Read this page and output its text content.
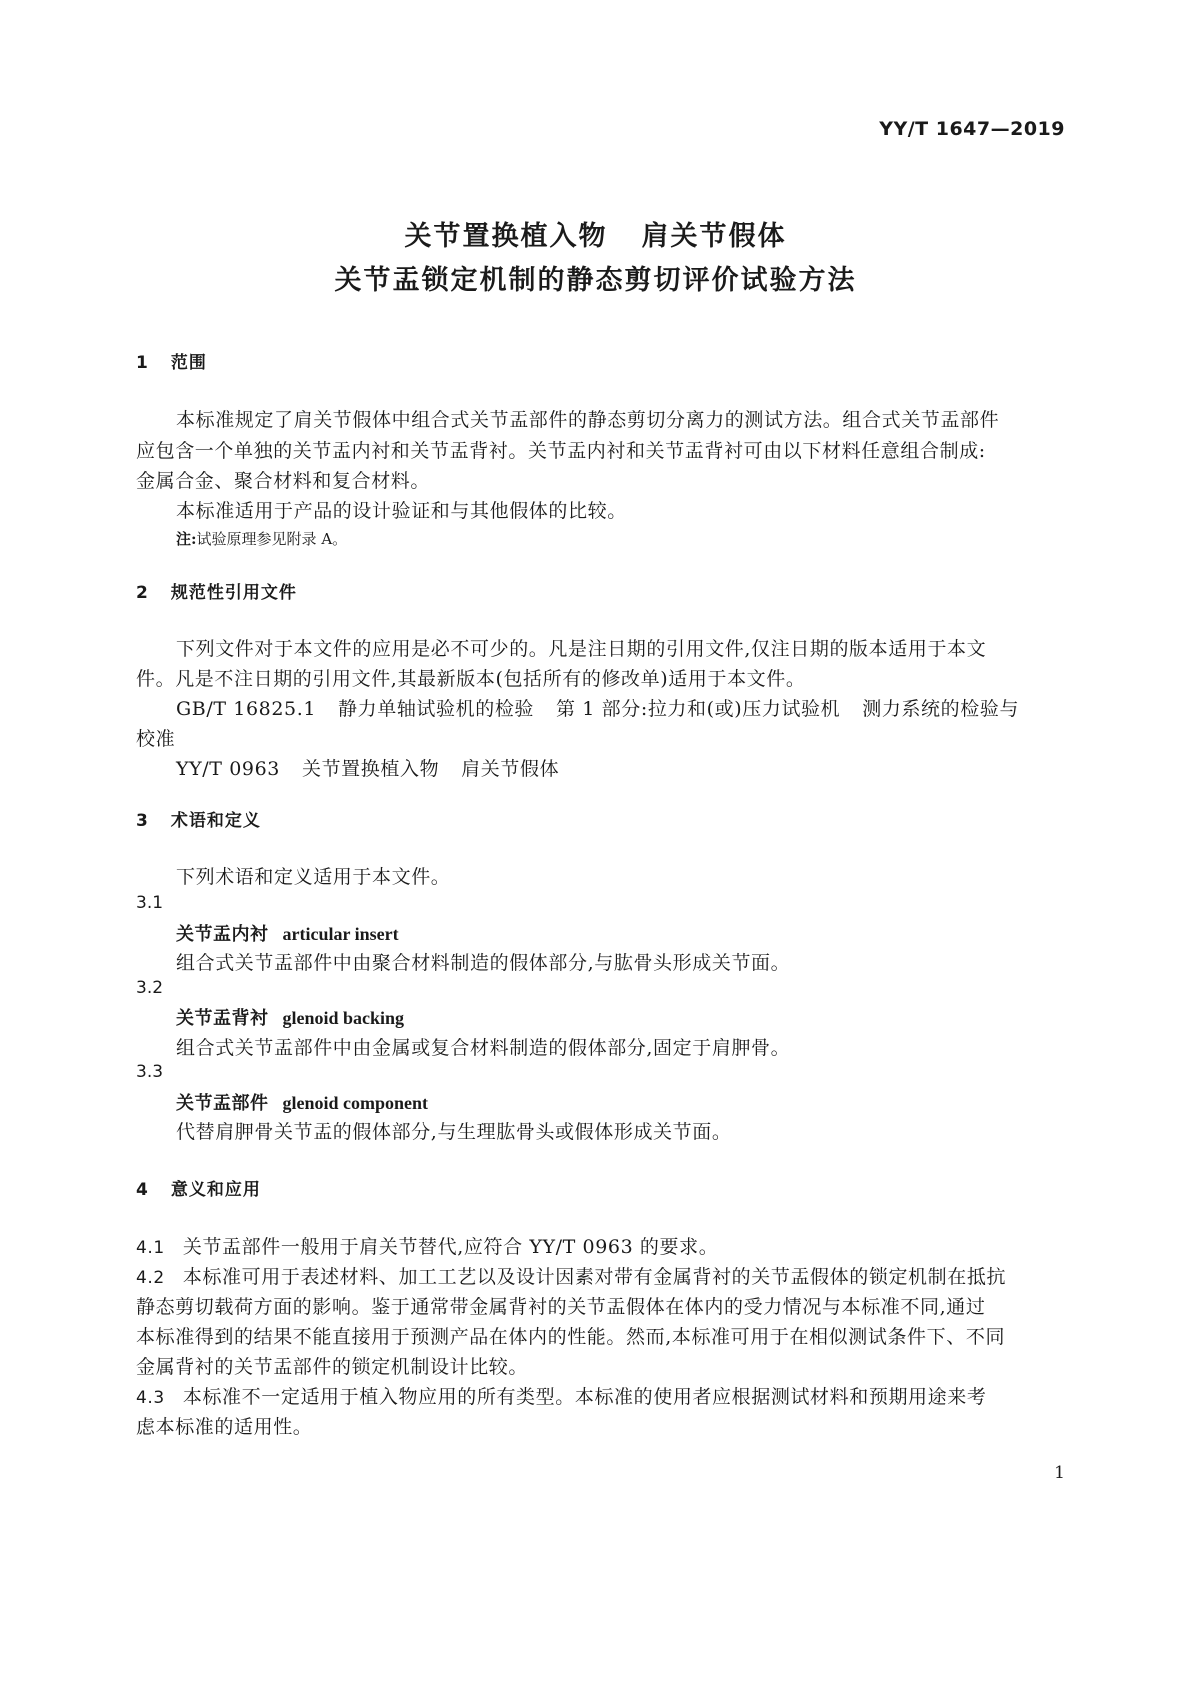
YY/T 1647—2019
关节置换植入物 肩关节假体
关节盂锁定机制的静态剪切评价试验方法
1 范围
本标准规定了肩关节假体中组合式关节盂部件的静态剪切分离力的测试方法。组合式关节盂部件
应包含一个单独的关节盂内衬和关节盂背衬。关节盂内衬和关节盂背衬可由以下材料任意组合制成:
金属合金、聚合材料和复合材料。
本标准适用于产品的设计验证和与其他假体的比较。
注:试验原理参见附录 A。
2 规范性引用文件
下列文件对于本文件的应用是必不可少的。凡是注日期的引用文件,仅注日期的版本适用于本文
件。凡是不注日期的引用文件,其最新版本(包括所有的修改单)适用于本文件。
GB/T 16825.1 静力单轴试验机的检验 第 1 部分:拉力和(或)压力试验机 测力系统的检验与
校准
YY/T 0963 关节置换植入物 肩关节假体
3 术语和定义
下列术语和定义适用于本文件。
3.1
关节盂内衬 articular insert
组合式关节盂部件中由聚合材料制造的假体部分,与肱骨头形成关节面。
3.2
关节盂背衬 glenoid backing
组合式关节盂部件中由金属或复合材料制造的假体部分,固定于肩胛骨。
3.3
关节盂部件 glenoid component
代替肩胛骨关节盂的假体部分,与生理肱骨头或假体形成关节面。
4 意义和应用
4.1 关节盂部件一般用于肩关节替代,应符合 YY/T 0963 的要求。
4.2 本标准可用于表述材料、加工工艺以及设计因素对带有金属背衬的关节盂假体的锁定机制在抵抗
静态剪切载荷方面的影响。鉴于通常带金属背衬的关节盂假体在体内的受力情况与本标准不同,通过
本标准得到的结果不能直接用于预测产品在体内的性能。然而,本标准可用于在相似测试条件下、不同
金属背衬的关节盂部件的锁定机制设计比较。
4.3 本标准不一定适用于植入物应用的所有类型。本标准的使用者应根据测试材料和预期用途来考
虑本标准的适用性。
1
